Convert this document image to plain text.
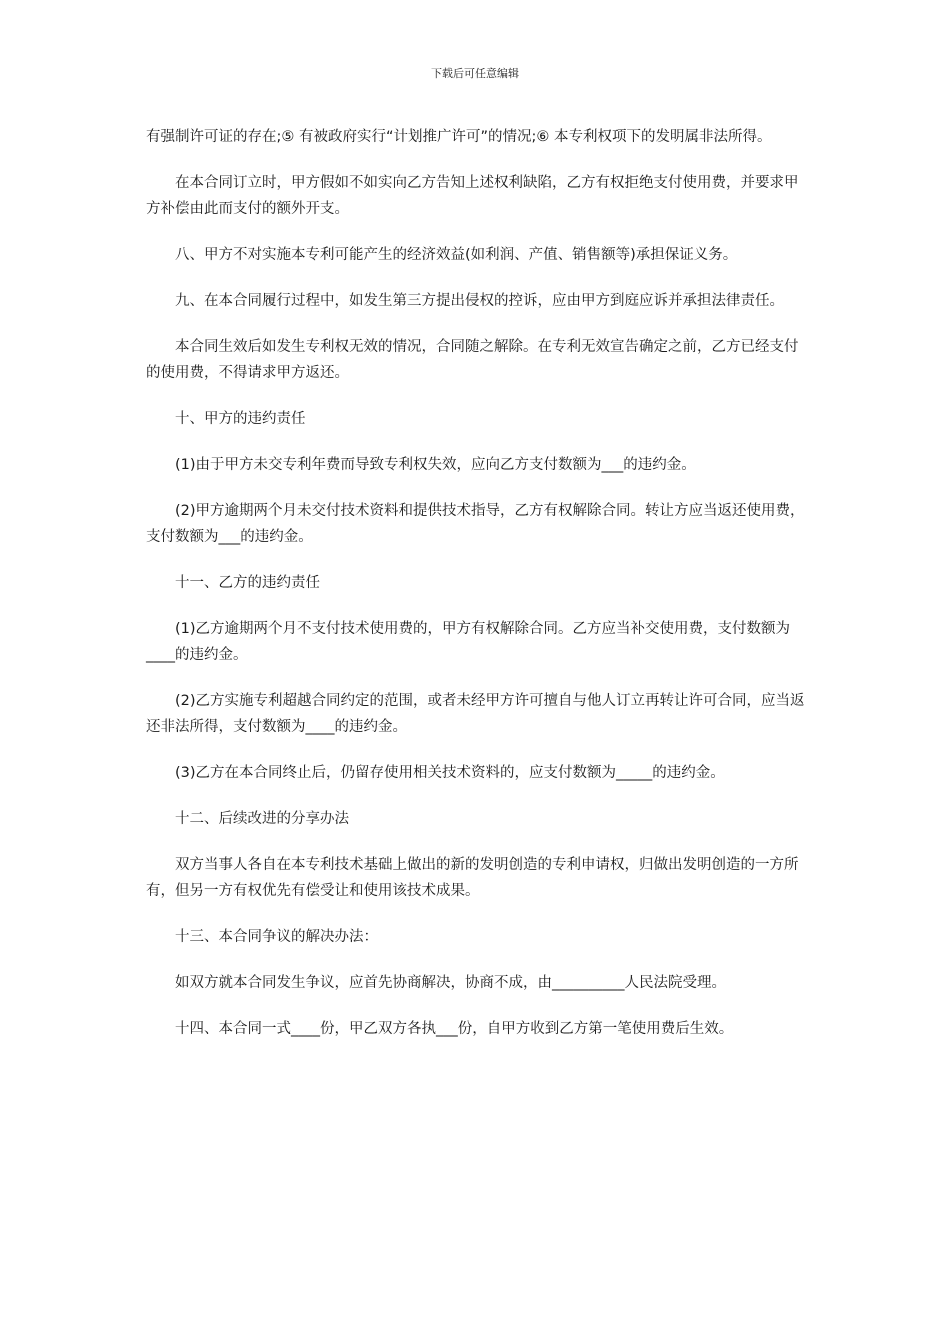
下载后可任意编辑

有强制许可证的存在;⑤ 有被政府实行“计划推广许可”的情况;⑥ 本专利权项下的发明属非法所得。

在本合同订立时，甲方假如不如实向乙方告知上述权利缺陷，乙方有权拒绝支付使用费，并要求甲方补偿由此而支付的额外开支。

八、甲方不对实施本专利可能产生的经济效益(如利润、产值、销售额等)承担保证义务。

九、在本合同履行过程中，如发生第三方提出侵权的控诉，应由甲方到庭应诉并承担法律责任。

本合同生效后如发生专利权无效的情况，合同随之解除。在专利无效宣告确定之前，乙方已经支付的使用费，不得请求甲方返还。

十、甲方的违约责任

(1)由于甲方未交专利年费而导致专利权失效，应向乙方支付数额为___的违约金。

(2)甲方逾期两个月未交付技术资料和提供技术指导，乙方有权解除合同。转让方应当返还使用费，支付数额为___的违约金。

十一、乙方的违约责任

(1)乙方逾期两个月不支付技术使用费的，甲方有权解除合同。乙方应当补交使用费，支付数额为____的违约金。

(2)乙方实施专利超越合同约定的范围，或者未经甲方许可擅自与他人订立再转让许可合同，应当返还非法所得，支付数额为____的违约金。

(3)乙方在本合同终止后，仍留存使用相关技术资料的，应支付数额为_____的违约金。

十二、后续改进的分享办法

双方当事人各自在本专利技术基础上做出的新的发明创造的专利申请权，归做出发明创造的一方所有，但另一方有权优先有偿受让和使用该技术成果。

十三、本合同争议的解决办法：

如双方就本合同发生争议，应首先协商解决，协商不成，由__________人民法院受理。

十四、本合同一式____份，甲乙双方各执___份，自甲方收到乙方第一笔使用费后生效。
